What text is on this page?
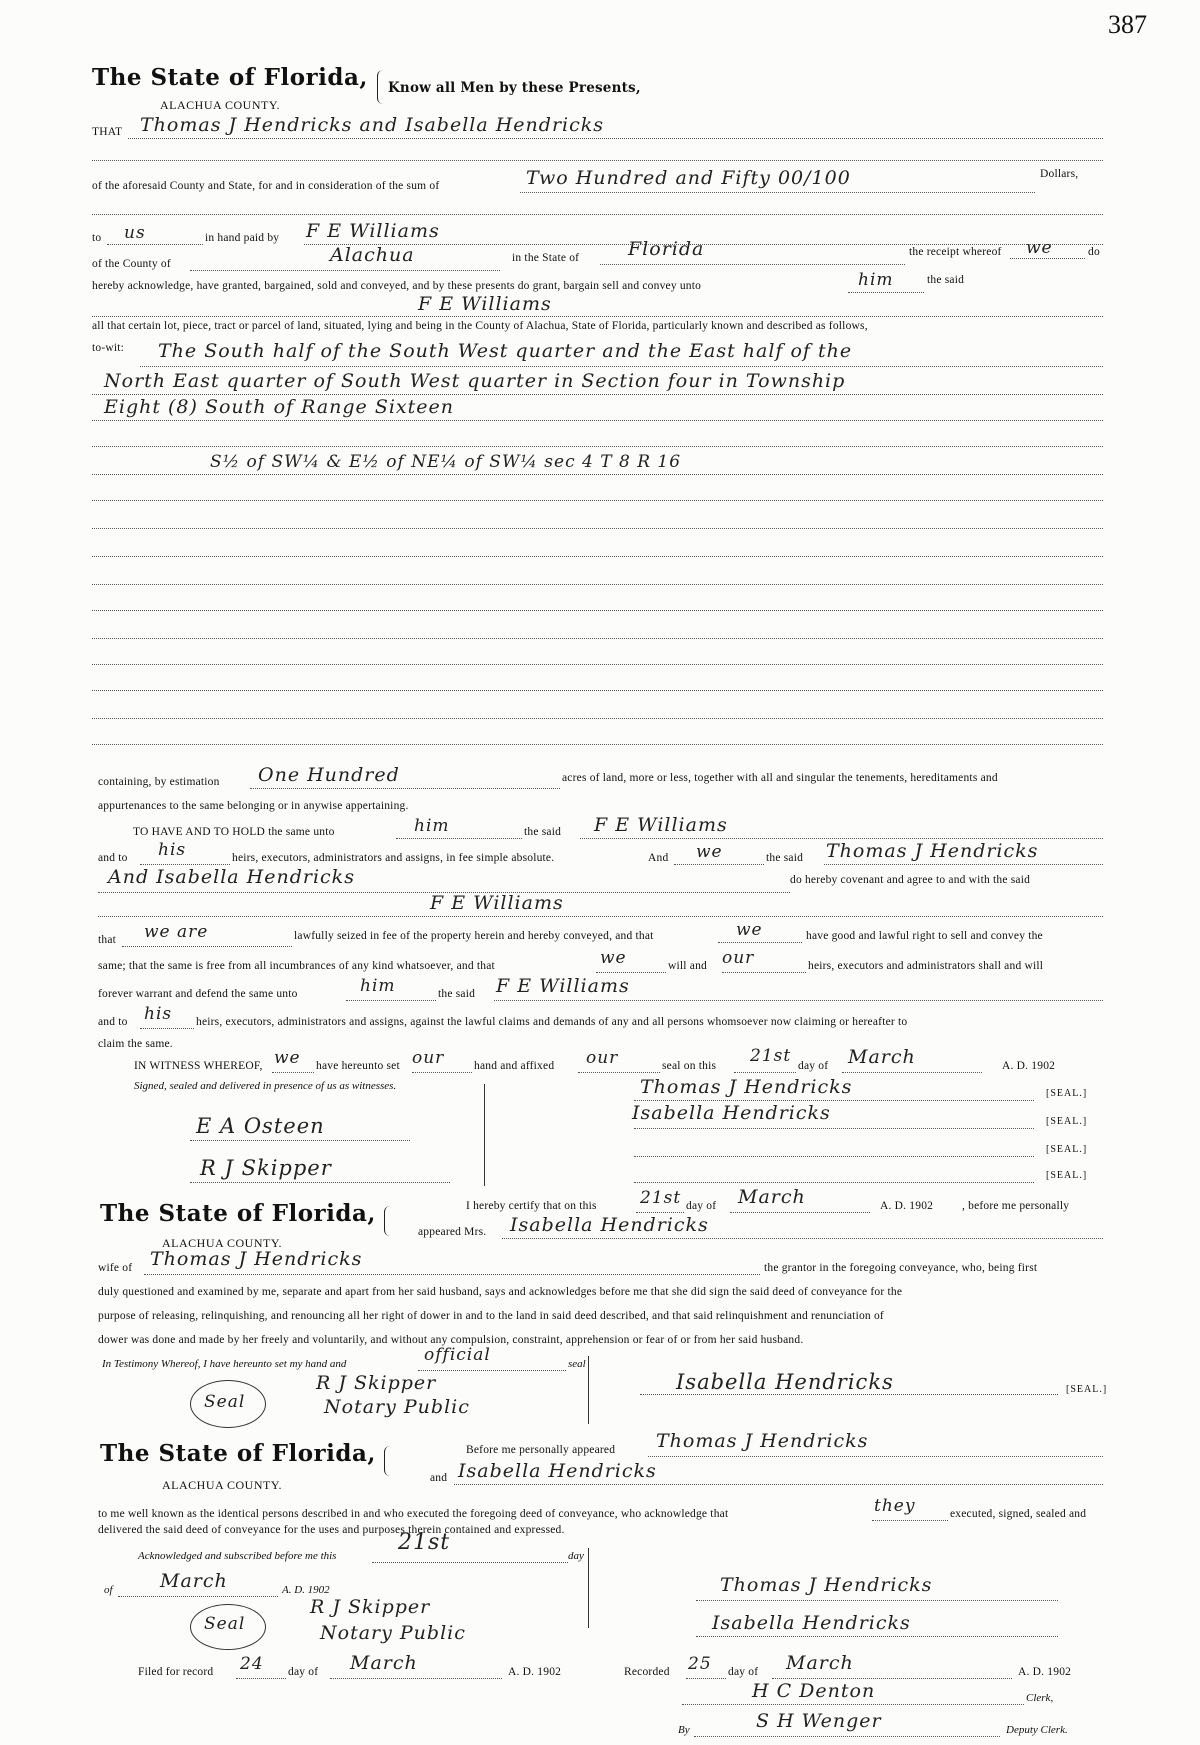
387
The State of Florida, Know all Men by these Presents,
ALACHUA COUNTY.
THAT Thomas J Hendricks and Isabella Hendricks
of the aforesaid County and State, for and in consideration of the sum of	Two Hundred and Fifty 00/100	Dollars,
to us	in hand paid by F E Williams
of the County of	Alachua	in the State of	Florida	the receipt whereof we	do
hereby acknowledge, have granted, bargained, sold and conveyed, and by these presents do grant, bargain sell and convey unto	him	the said
F E Williams
all that certain lot, piece, tract or parcel of land, situated, lying and being in the County of Alachua, State of Florida, particularly known and described as follows,
to-wit: The South half of the South West quarter and the East half of the
North East quarter of South West quarter in Section four in Township
Eight (8) South of Range Sixteen
S½ of SW¼ & E½ of NE¼ of SW¼ sec 4 T 8 R 16
containing, by estimation One Hundred	acres of land, more or less, together with all and singular the tenements, hereditaments and
appurtenances to the same belonging or in anywise appertaining.
TO HAVE AND TO HOLD the same unto	him	the said F E Williams
and to his	heirs, executors, administrators and assigns, in fee simple absolute.	And we	the said Thomas J Hendricks
And Isabella Hendricks	do hereby covenant and agree to and with the said
F E Williams
that we are	lawfully seized in fee of the property herein and hereby conveyed, and that	we	have good and lawful right to sell and convey the
same; that the same is free from all incumbrances of any kind whatsoever, and that	we	will and our	heirs, executors and administrators shall and will
forever warrant and defend the same unto	him	the said F E Williams
and to his heirs, executors, administrators and assigns, against the lawful claims and demands of any and all persons whomsoever now claiming or hereafter to
claim the same.
IN WITNESS WHEREOF, we have hereunto set our	hand and affixed our	seal on this 21st day of March	A. D. 1902
Signed, sealed and delivered in presence of us as witnesses.
E A Osteen
R J Skipper
Thomas J Hendricks	[SEAL.]
Isabella Hendricks	[SEAL.]
[SEAL.]
[SEAL.]
The State of Florida,
ALACHUA COUNTY.
I hereby certify that on this	21st day of March	A. D. 1902	, before me personally
appeared Mrs. Isabella Hendricks
wife of Thomas J Hendricks	the grantor in the foregoing conveyance, who, being first
duly questioned and examined by me, separate and apart from her said husband, says and acknowledges before me that she did sign the said deed of conveyance for the
purpose of releasing, relinquishing, and renouncing all her right of dower in and to the land in said deed described, and that said relinquishment and renunciation of
dower was done and made by her freely and voluntarily, and without any compulsion, constraint, apprehension or fear of or from her said husband.
In Testimony Whereof, I have hereunto set my hand and	official	seal
Seal
R J Skipper
Notary Public
Isabella Hendricks	[SEAL.]
The State of Florida,
ALACHUA COUNTY.
Before me personally appeared Thomas J Hendricks
and Isabella Hendricks
to me well known as the identical persons described in and who executed the foregoing deed of conveyance, who acknowledge that	they	executed, signed, sealed and
delivered the said deed of conveyance for the uses and purposes therein contained and expressed.
Acknowledged and subscribed before me this
21st
day
of March	A. D. 1902
Seal
R J Skipper
Notary Public
Thomas J Hendricks
Isabella Hendricks
Filed for record 24 day of March	A. D. 1902	Recorded 25 day of March	A. D. 1902
H C Denton	Clerk,
By	S H Wenger	Deputy Clerk.
